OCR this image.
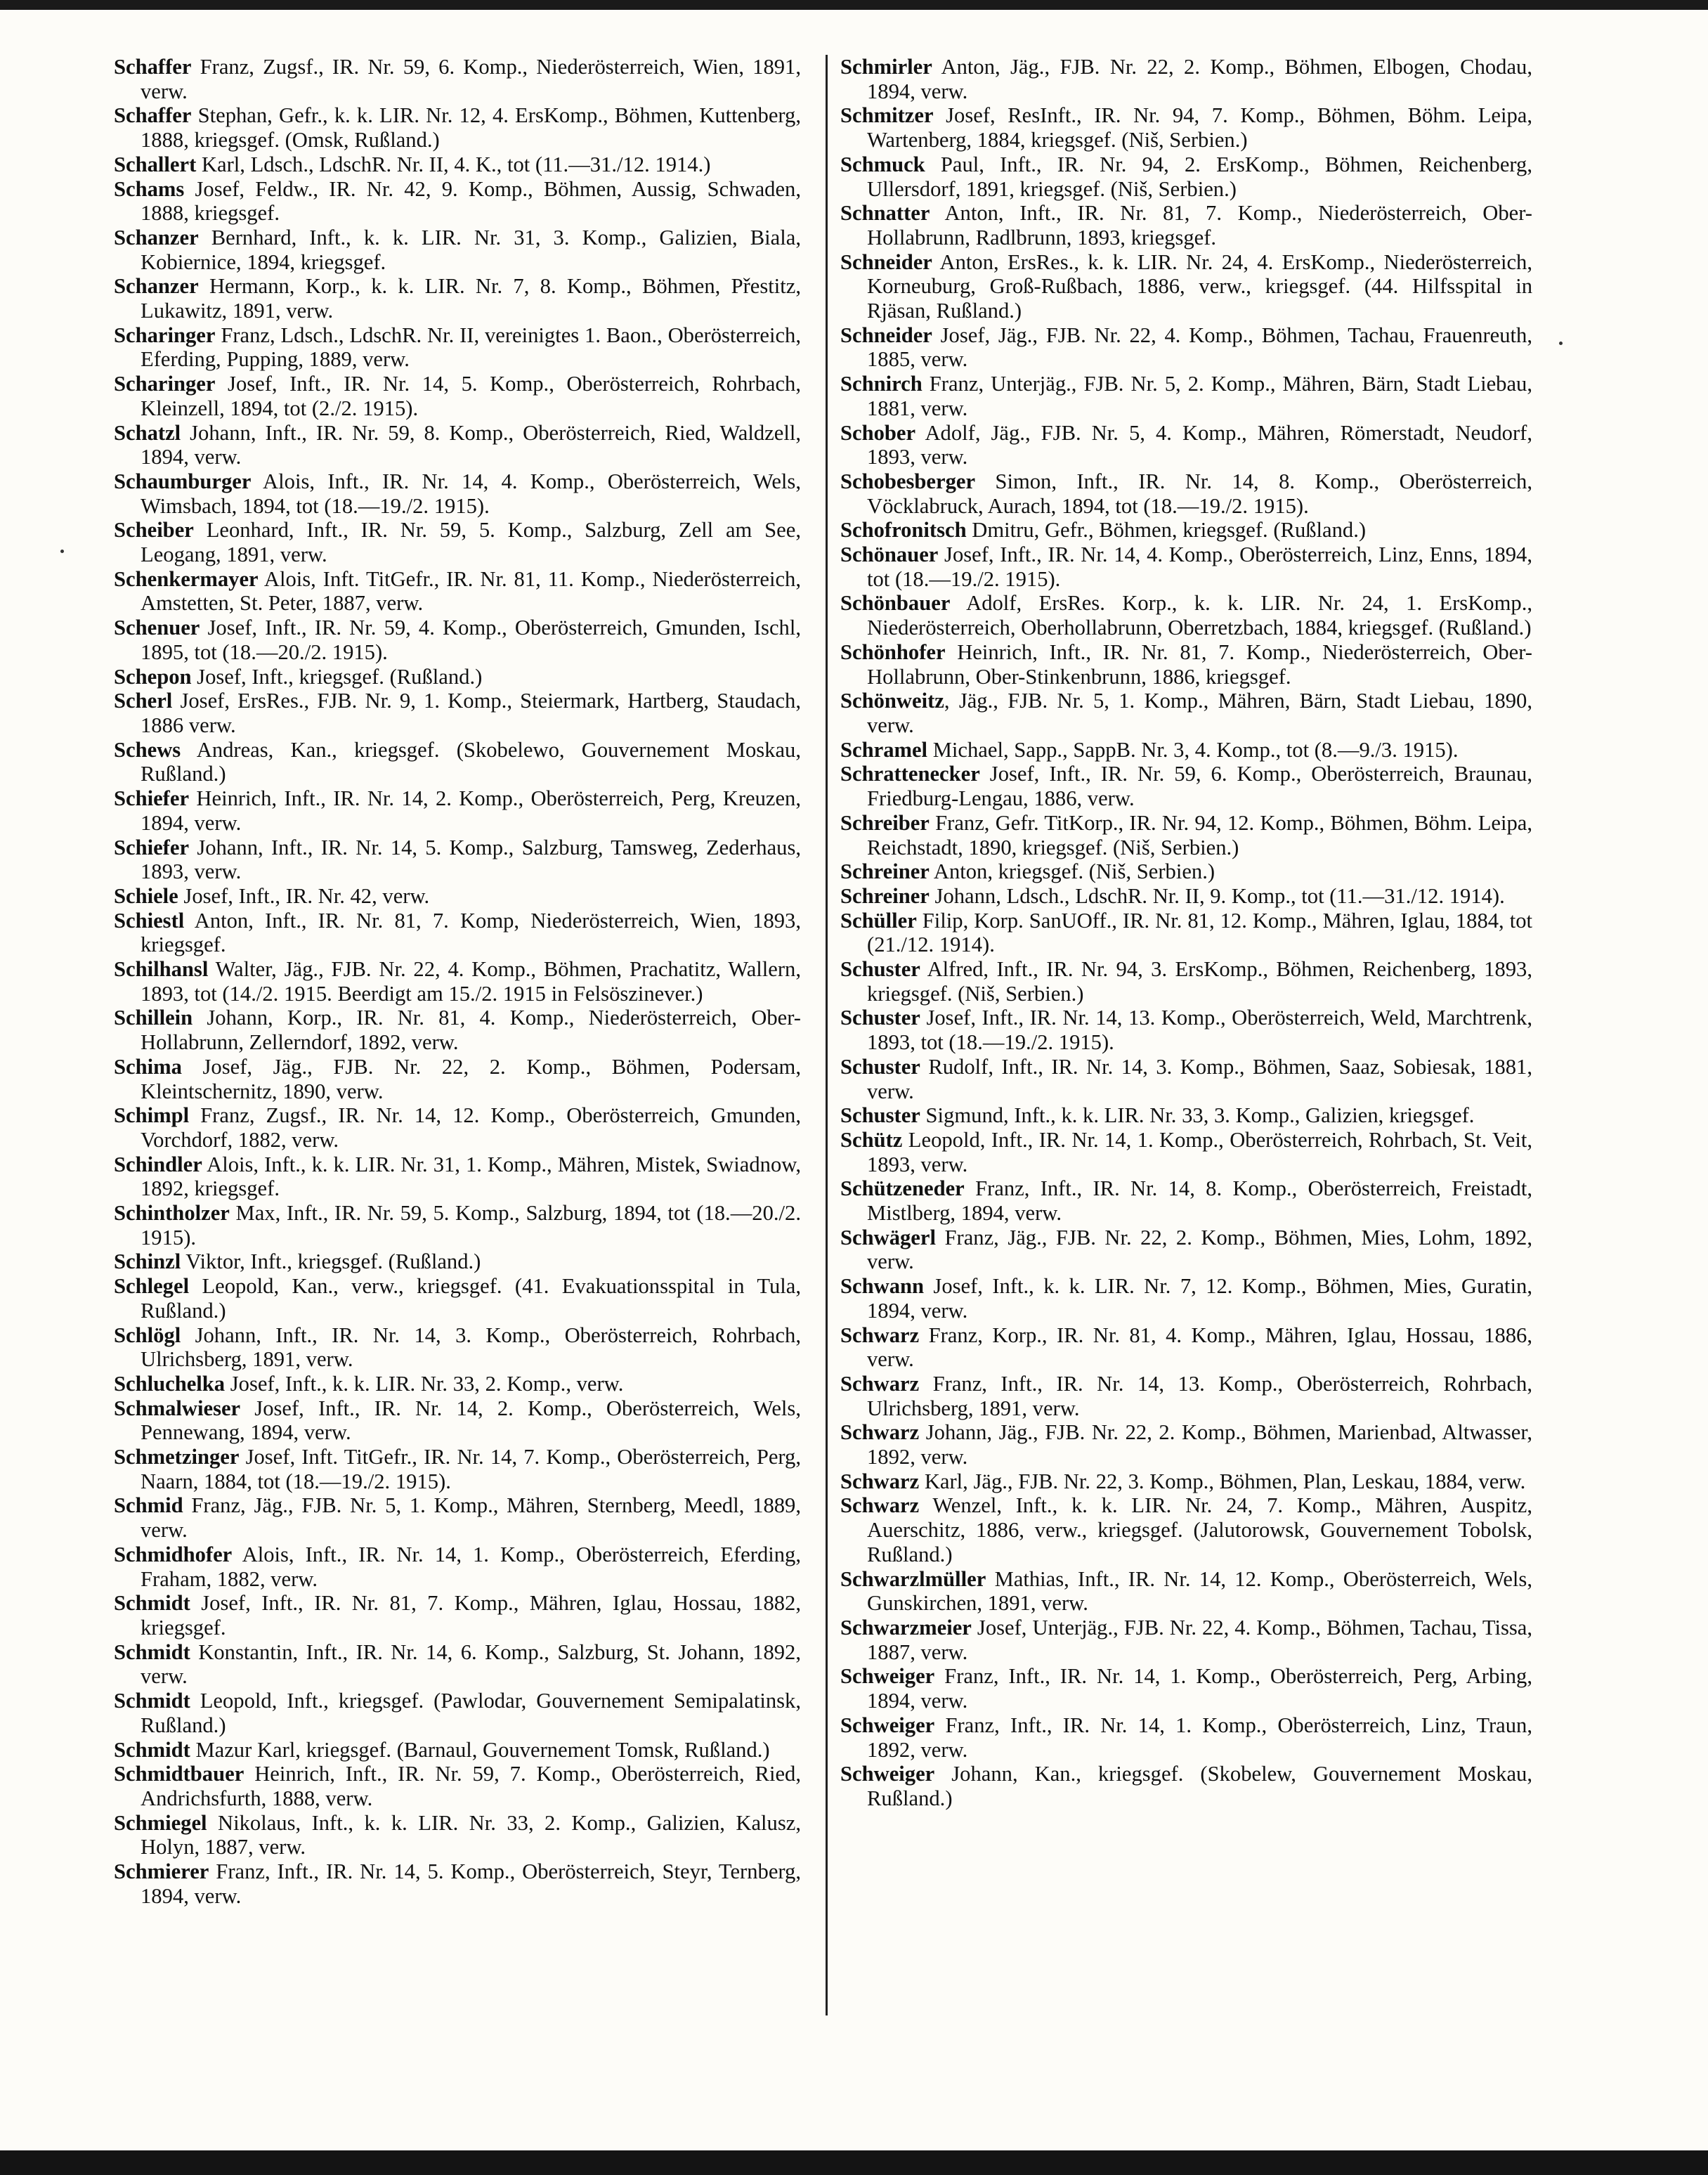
Schaffer Franz, Zugsf., IR. Nr. 59, 6. Komp., Niederösterreich, Wien, 1891, verw.

Schaffer Stephan, Gefr., k. k. LIR. Nr. 12, 4. ErsKomp., Böhmen, Kuttenberg, 1888, kriegsgef. (Omsk, Rußland.)

Schallert Karl, Ldsch., LdschR. Nr. II, 4. K., tot (11.—31./12. 1914.)

Schams Josef, Feldw., IR. Nr. 42, 9. Komp., Böhmen, Aussig, Schwaden, 1888, kriegsgef.

Schanzer Bernhard, Inft., k. k. LIR. Nr. 31, 3. Komp., Galizien, Biala, Kobiernice, 1894, kriegsgef.

Schanzer Hermann, Korp., k. k. LIR. Nr. 7, 8. Komp., Böhmen, Přestitz, Lukawitz, 1891, verw.

Scharinger Franz, Ldsch., LdschR. Nr. II, vereinigtes 1. Baon., Oberösterreich, Eferding, Pupping, 1889, verw.

Scharinger Josef, Inft., IR. Nr. 14, 5. Komp., Oberösterreich, Rohrbach, Kleinzell, 1894, tot (2./2. 1915).

Schatzl Johann, Inft., IR. Nr. 59, 8. Komp., Oberösterreich, Ried, Waldzell, 1894, verw.

Schaumburger Alois, Inft., IR. Nr. 14, 4. Komp., Oberösterreich, Wels, Wimsbach, 1894, tot (18.—19./2. 1915).

Scheiber Leonhard, Inft., IR. Nr. 59, 5. Komp., Salzburg, Zell am See, Leogang, 1891, verw.

Schenkermayer Alois, Inft. TitGefr., IR. Nr. 81, 11. Komp., Niederösterreich, Amstetten, St. Peter, 1887, verw.

Schenuer Josef, Inft., IR. Nr. 59, 4. Komp., Oberösterreich, Gmunden, Ischl, 1895, tot (18.—20./2. 1915).

Schepon Josef, Inft., kriegsgef. (Rußland.)

Scherl Josef, ErsRes., FJB. Nr. 9, 1. Komp., Steiermark, Hartberg, Staudach, 1886 verw.

Schews Andreas, Kan., kriegsgef. (Skobelewo, Gouvernement Moskau, Rußland.)

Schiefer Heinrich, Inft., IR. Nr. 14, 2. Komp., Oberösterreich, Perg, Kreuzen, 1894, verw.

Schiefer Johann, Inft., IR. Nr. 14, 5. Komp., Salzburg, Tamsweg, Zederhaus, 1893, verw.

Schiele Josef, Inft., IR. Nr. 42, verw.

Schiestl Anton, Inft., IR. Nr. 81, 7. Komp, Niederösterreich, Wien, 1893, kriegsgef.

Schilhansl Walter, Jäg., FJB. Nr. 22, 4. Komp., Böhmen, Prachatitz, Wallern, 1893, tot (14./2. 1915. Beerdigt am 15./2. 1915 in Felsöszinever.)

Schillein Johann, Korp., IR. Nr. 81, 4. Komp., Niederösterreich, Ober-Hollabrunn, Zellerndorf, 1892, verw.

Schima Josef, Jäg., FJB. Nr. 22, 2. Komp., Böhmen, Podersam, Kleintschernitz, 1890, verw.

Schimpl Franz, Zugsf., IR. Nr. 14, 12. Komp., Oberösterreich, Gmunden, Vorchdorf, 1882, verw.

Schindler Alois, Inft., k. k. LIR. Nr. 31, 1. Komp., Mähren, Mistek, Swiadnow, 1892, kriegsgef.

Schintholzer Max, Inft., IR. Nr. 59, 5. Komp., Salzburg, 1894, tot (18.—20./2. 1915).

Schinzl Viktor, Inft., kriegsgef. (Rußland.)

Schlegel Leopold, Kan., verw., kriegsgef. (41. Evakuationsspital in Tula, Rußland.)

Schlögl Johann, Inft., IR. Nr. 14, 3. Komp., Oberösterreich, Rohrbach, Ulrichsberg, 1891, verw.

Schluchelka Josef, Inft., k. k. LIR. Nr. 33, 2. Komp., verw.

Schmalwieser Josef, Inft., IR. Nr. 14, 2. Komp., Oberösterreich, Wels, Pennewang, 1894, verw.

Schmetzinger Josef, Inft. TitGefr., IR. Nr. 14, 7. Komp., Oberösterreich, Perg, Naarn, 1884, tot (18.—19./2. 1915).

Schmid Franz, Jäg., FJB. Nr. 5, 1. Komp., Mähren, Sternberg, Meedl, 1889, verw.

Schmidhofer Alois, Inft., IR. Nr. 14, 1. Komp., Oberösterreich, Eferding, Fraham, 1882, verw.

Schmidt Josef, Inft., IR. Nr. 81, 7. Komp., Mähren, Iglau, Hossau, 1882, kriegsgef.

Schmidt Konstantin, Inft., IR. Nr. 14, 6. Komp., Salzburg, St. Johann, 1892, verw.

Schmidt Leopold, Inft., kriegsgef. (Pawlodar, Gouvernement Semipalatinsk, Rußland.)

Schmidt Mazur Karl, kriegsgef. (Barnaul, Gouvernement Tomsk, Rußland.)

Schmidtbauer Heinrich, Inft., IR. Nr. 59, 7. Komp., Oberösterreich, Ried, Andrichsfurth, 1888, verw.

Schmiegel Nikolaus, Inft., k. k. LIR. Nr. 33, 2. Komp., Galizien, Kalusz, Holyn, 1887, verw.

Schmierer Franz, Inft., IR. Nr. 14, 5. Komp., Oberösterreich, Steyr, Ternberg, 1894, verw.

Schmirler Anton, Jäg., FJB. Nr. 22, 2. Komp., Böhmen, Elbogen, Chodau, 1894, verw.

Schmitzer Josef, ResInft., IR. Nr. 94, 7. Komp., Böhmen, Böhm. Leipa, Wartenberg, 1884, kriegsgef. (Niš, Serbien.)

Schmuck Paul, Inft., IR. Nr. 94, 2. ErsKomp., Böhmen, Reichenberg, Ullersdorf, 1891, kriegsgef. (Niš, Serbien.)

Schnatter Anton, Inft., IR. Nr. 81, 7. Komp., Niederösterreich, Ober-Hollabrunn, Radlbrunn, 1893, kriegsgef.

Schneider Anton, ErsRes., k. k. LIR. Nr. 24, 4. ErsKomp., Niederösterreich, Korneuburg, Groß-Rußbach, 1886, verw., kriegsgef. (44. Hilfsspital in Rjäsan, Rußland.)

Schneider Josef, Jäg., FJB. Nr. 22, 4. Komp., Böhmen, Tachau, Frauenreuth, 1885, verw.

Schnirch Franz, Unterjäg., FJB. Nr. 5, 2. Komp., Mähren, Bärn, Stadt Liebau, 1881, verw.

Schober Adolf, Jäg., FJB. Nr. 5, 4. Komp., Mähren, Römerstadt, Neudorf, 1893, verw.

Schobesberger Simon, Inft., IR. Nr. 14, 8. Komp., Oberösterreich, Vöcklabruck, Aurach, 1894, tot (18.—19./2. 1915).

Schofronitsch Dmitru, Gefr., Böhmen, kriegsgef. (Rußland.)

Schönauer Josef, Inft., IR. Nr. 14, 4. Komp., Oberösterreich, Linz, Enns, 1894, tot (18.—19./2. 1915).

Schönbauer Adolf, ErsRes. Korp., k. k. LIR. Nr. 24, 1. ErsKomp., Niederösterreich, Oberhollabrunn, Oberretzbach, 1884, kriegsgef. (Rußland.)

Schönhofer Heinrich, Inft., IR. Nr. 81, 7. Komp., Niederösterreich, Ober-Hollabrunn, Ober-Stinkenbrunn, 1886, kriegsgef.

Schönweitz, Jäg., FJB. Nr. 5, 1. Komp., Mähren, Bärn, Stadt Liebau, 1890, verw.

Schramel Michael, Sapp., SappB. Nr. 3, 4. Komp., tot (8.—9./3. 1915).

Schrattenecker Josef, Inft., IR. Nr. 59, 6. Komp., Oberösterreich, Braunau, Friedburg-Lengau, 1886, verw.

Schreiber Franz, Gefr. TitKorp., IR. Nr. 94, 12. Komp., Böhmen, Böhm. Leipa, Reichstadt, 1890, kriegsgef. (Niš, Serbien.)

Schreiner Anton, kriegsgef. (Niš, Serbien.)

Schreiner Johann, Ldsch., LdschR. Nr. II, 9. Komp., tot (11.—31./12. 1914).

Schüller Filip, Korp. SanUOff., IR. Nr. 81, 12. Komp., Mähren, Iglau, 1884, tot (21./12. 1914).

Schuster Alfred, Inft., IR. Nr. 94, 3. ErsKomp., Böhmen, Reichenberg, 1893, kriegsgef. (Niš, Serbien.)

Schuster Josef, Inft., IR. Nr. 14, 13. Komp., Oberösterreich, Weld, Marchtrenk, 1893, tot (18.—19./2. 1915).

Schuster Rudolf, Inft., IR. Nr. 14, 3. Komp., Böhmen, Saaz, Sobiesak, 1881, verw.

Schuster Sigmund, Inft., k. k. LIR. Nr. 33, 3. Komp., Galizien, kriegsgef.

Schütz Leopold, Inft., IR. Nr. 14, 1. Komp., Oberösterreich, Rohrbach, St. Veit, 1893, verw.

Schützeneder Franz, Inft., IR. Nr. 14, 8. Komp., Oberösterreich, Freistadt, Mistlberg, 1894, verw.

Schwägerl Franz, Jäg., FJB. Nr. 22, 2. Komp., Böhmen, Mies, Lohm, 1892, verw.

Schwann Josef, Inft., k. k. LIR. Nr. 7, 12. Komp., Böhmen, Mies, Guratin, 1894, verw.

Schwarz Franz, Korp., IR. Nr. 81, 4. Komp., Mähren, Iglau, Hossau, 1886, verw.

Schwarz Franz, Inft., IR. Nr. 14, 13. Komp., Oberösterreich, Rohrbach, Ulrichsberg, 1891, verw.

Schwarz Johann, Jäg., FJB. Nr. 22, 2. Komp., Böhmen, Marienbad, Altwasser, 1892, verw.

Schwarz Karl, Jäg., FJB. Nr. 22, 3. Komp., Böhmen, Plan, Leskau, 1884, verw.

Schwarz Wenzel, Inft., k. k. LIR. Nr. 24, 7. Komp., Mähren, Auspitz, Auerschitz, 1886, verw., kriegsgef. (Jalutorowsk, Gouvernement Tobolsk, Rußland.)

Schwarzlmüller Mathias, Inft., IR. Nr. 14, 12. Komp., Oberösterreich, Wels, Gunskirchen, 1891, verw.

Schwarzmeier Josef, Unterjäg., FJB. Nr. 22, 4. Komp., Böhmen, Tachau, Tissa, 1887, verw.

Schweiger Franz, Inft., IR. Nr. 14, 1. Komp., Oberösterreich, Perg, Arbing, 1894, verw.

Schweiger Franz, Inft., IR. Nr. 14, 1. Komp., Oberösterreich, Linz, Traun, 1892, verw.

Schweiger Johann, Kan., kriegsgef. (Skobelew, Gouvernement Moskau, Rußland.)
